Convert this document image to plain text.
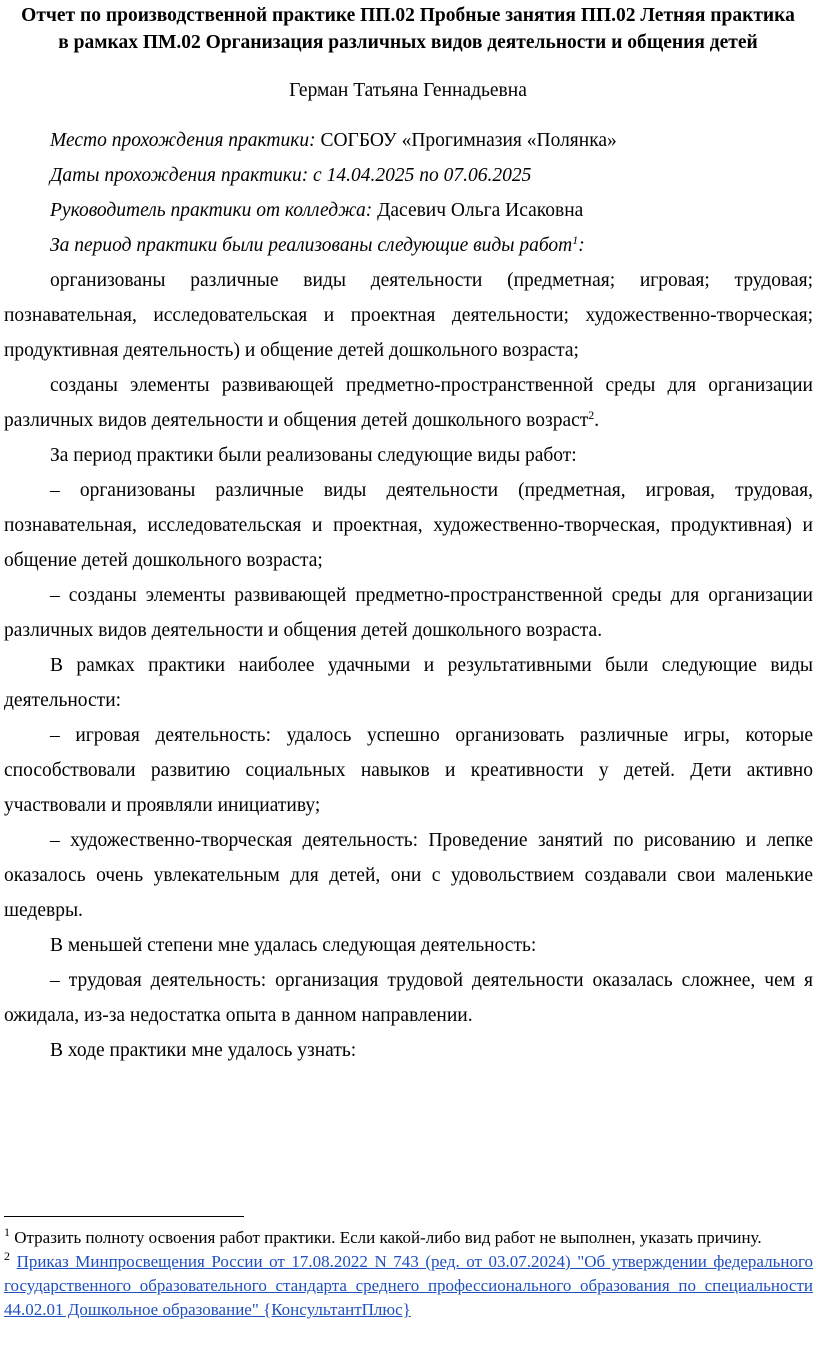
Отчет по производственной практике ПП.02 Пробные занятия ПП.02 Летняя практика
в рамках ПМ.02 Организация различных видов деятельности и общения детей
Герман Татьяна Геннадьевна
Место прохождения практики: СОГБОУ «Прогимназия «Полянка»
Даты прохождения практики: с 14.04.2025 по 07.06.2025
Руководитель практики от колледжа: Дасевич Ольга Исаковна
За период практики были реализованы следующие виды работ$^1$:

организованы различные виды деятельности (предметная; игровая; трудовая; познавательная, исследовательская и проектная деятельности; художественно-творческая; продуктивная деятельность) и общение детей дошкольного возраста;

созданы элементы развивающей предметно-пространственной среды для организации различных видов деятельности и общения детей дошкольного возраст$^2$.

За период практики были реализованы следующие виды работ:

– организованы различные виды деятельности (предметная, игровая, трудовая, познавательная, исследовательская и проектная, художественно-творческая, продуктивная) и общение детей дошкольного возраста;

– созданы элементы развивающей предметно-пространственной среды для организации различных видов деятельности и общения детей дошкольного возраста.

В рамках практики наиболее удачными и результативными были следующие виды деятельности:

– игровая деятельность: удалось успешно организовать различные игры, которые способствовали развитию социальных навыков и креативности у детей. Дети активно участвовали и проявляли инициативу;

– художественно-творческая деятельность: Проведение занятий по рисованию и лепке оказалось очень увлекательным для детей, они с удовольствием создавали свои маленькие шедевры.

В меньшей степени мне удалась следующая деятельность:

– трудовая деятельность: организация трудовой деятельности оказалась сложнее, чем я ожидала, из-за недостатка опыта в данном направлении.

В ходе практики мне удалось узнать:

$^1$ Отразить полноту освоения работ практики. Если какой-либо вид работ не выполнен, указать причину.

$^2$ Приказ Минпросвещения России от 17.08.2022 N 743 (ред. от 03.07.2024) "Об утверждении федерального государственного образовательного стандарта среднего профессионального образования по специальности 44.02.01 Дошкольное образование" {КонсультантПлюс}
